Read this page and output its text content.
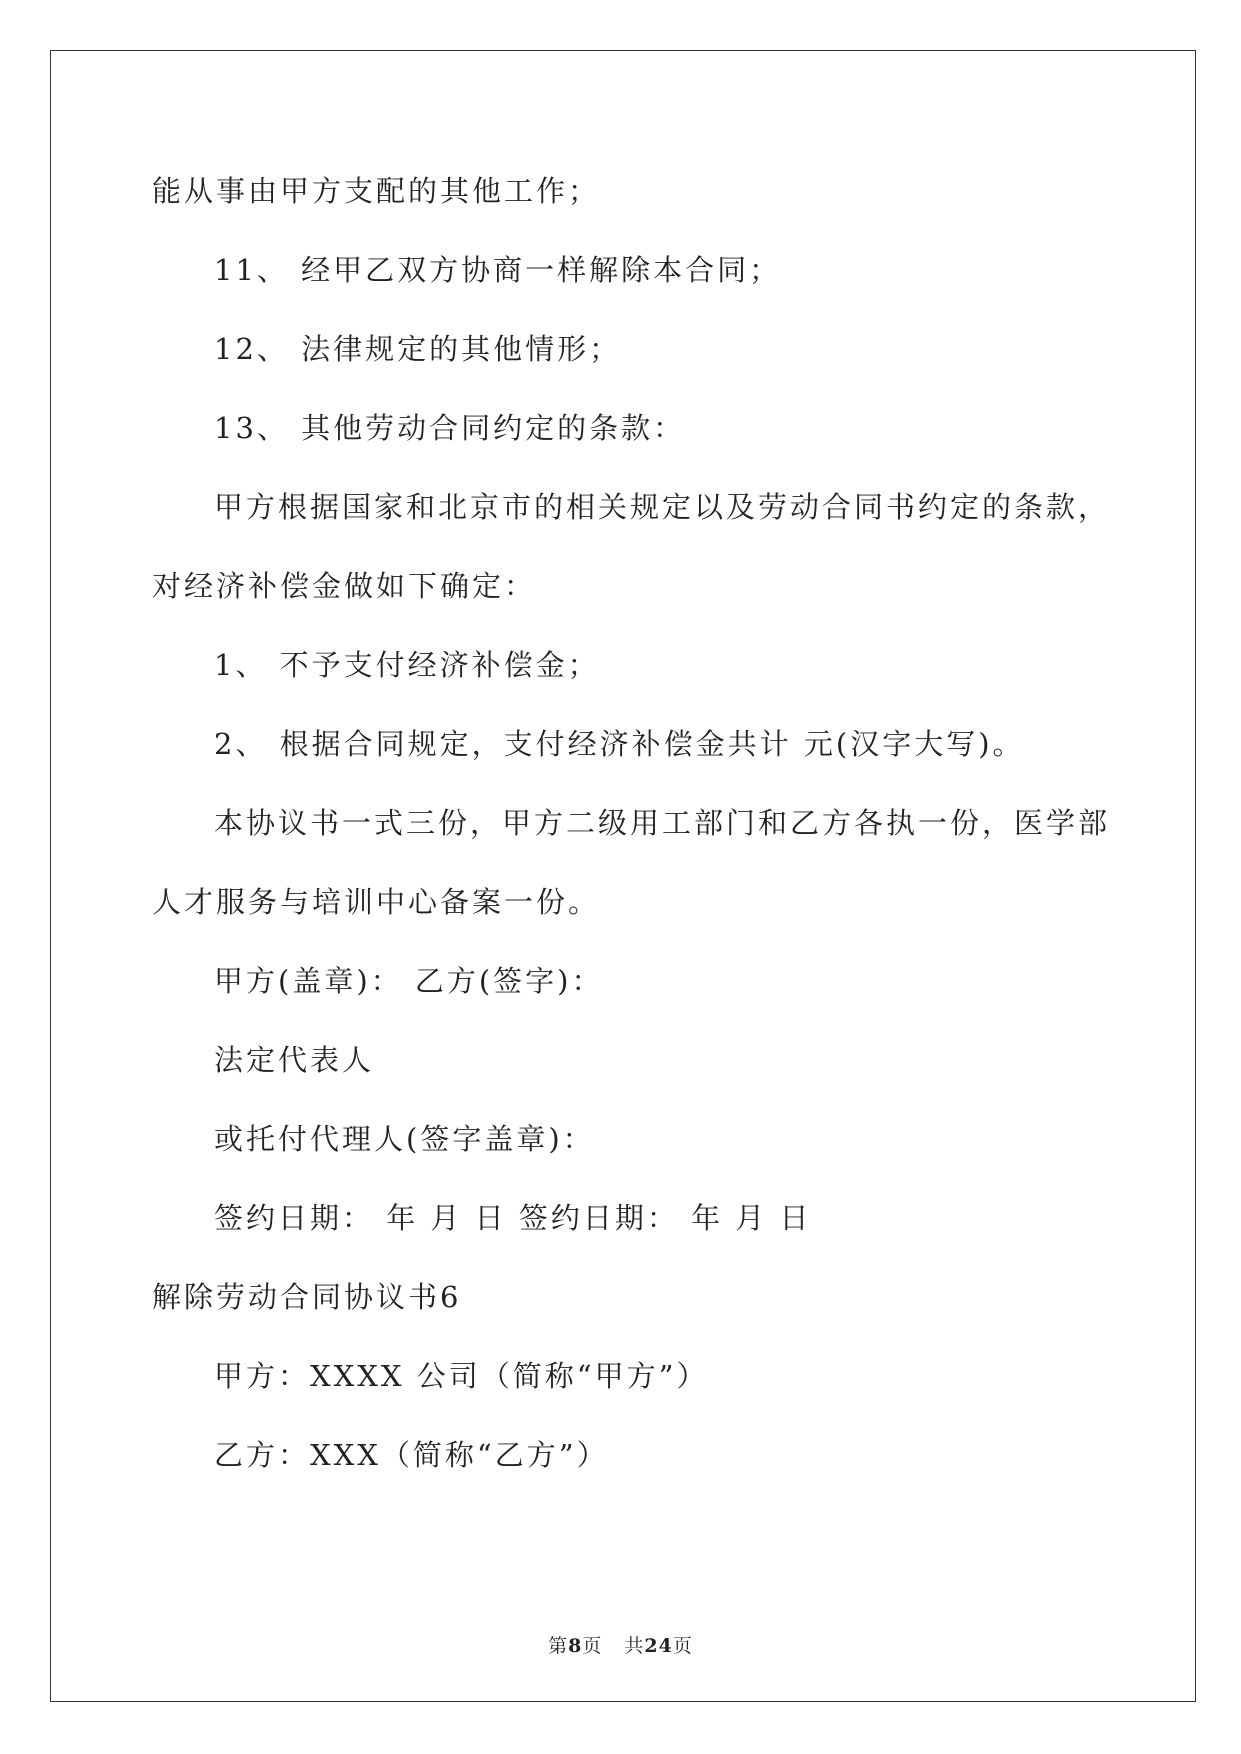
能从事由甲方支配的其他工作；
11、 经甲乙双方协商一样解除本合同；
12、 法律规定的其他情形；
13、 其他劳动合同约定的条款：
甲方根据国家和北京市的相关规定以及劳动合同书约定的条款，
对经济补偿金做如下确定：
1、 不予支付经济补偿金；
2、 根据合同规定，支付经济补偿金共计 元(汉字大写)。
本协议书一式三份，甲方二级用工部门和乙方各执一份，医学部
人才服务与培训中心备案一份。
甲方(盖章)： 乙方(签字)：
法定代表人
或托付代理人(签字盖章)：
签约日期： 年 月 日 签约日期： 年 月 日
解除劳动合同协议书6
甲方：XXXX 公司（简称“甲方”）
乙方：XXX（简称“乙方”）
第8页 共24页
